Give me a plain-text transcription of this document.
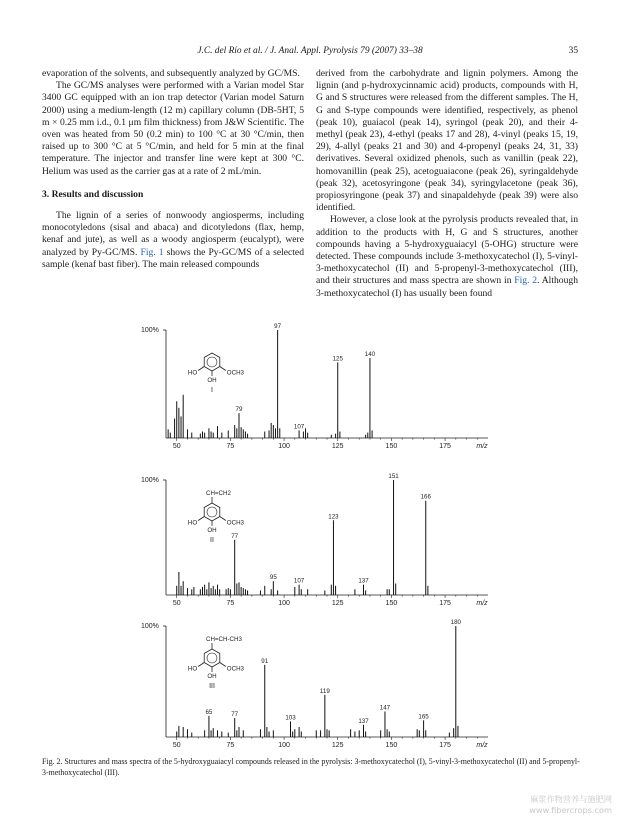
J.C. del Río et al. / J. Anal. Appl. Pyrolysis 79 (2007) 33–38	35

evaporation of the solvents, and subsequently analyzed by GC/MS.

The GC/MS analyses were performed with a Varian model Star 3400 GC equipped with an ion trap detector (Varian model Saturn 2000) using a medium-length (12 m) capillary column (DB-5HT, 5 m × 0.25 mm i.d., 0.1 μm film thickness) from J&W Scientific. The oven was heated from 50 (0.2 min) to 100 °C at 30 °C/min, then raised up to 300 °C at 5 °C/min, and held for 5 min at the final temperature. The injector and transfer line were kept at 300 °C. Helium was used as the carrier gas at a rate of 2 mL/min.

3. Results and discussion

The lignin of a series of nonwoody angiosperms, including monocotyledons (sisal and abaca) and dicotyledons (flax, hemp, kenaf and jute), as well as a woody angiosperm (eucalypt), were analyzed by Py-GC/MS. Fig. 1 shows the Py-GC/MS of a selected sample (kenaf bast fiber). The main released compounds

derived from the carbohydrate and lignin polymers. Among the lignin (and p-hydroxycinnamic acid) products, compounds with H, G and S structures were released from the different samples. The H, G and S-type compounds were identified, respectively, as phenol (peak 10), guaiacol (peak 14), syringol (peak 20), and their 4-methyl (peak 23), 4-ethyl (peaks 17 and 28), 4-vinyl (peaks 15, 19, 29), 4-allyl (peaks 21 and 30) and 4-propenyl (peaks 24, 31, 33) derivatives. Several oxidized phenols, such as vanillin (peak 22), homovanillin (peak 25), acetoguaiacone (peak 26), syringaldehyde (peak 32), acetosyringone (peak 34), syringylacetone (peak 36), propiosyringone (peak 37) and sinapaldehyde (peak 39) were also identified.

However, a close look at the pyrolysis products revealed that, in addition to the products with H, G and S structures, another compounds having a 5-hydroxyguaiacyl (5-OHG) structure were detected. These compounds include 3-methoxycatechol (I), 5-vinyl-3-methoxycatechol (II) and 5-propenyl-3-methoxycatechol (III), and their structures and mass spectra are shown in Fig. 2. Although 3-methoxycatechol (I) has usually been found

100%
50	75	100	125	150	175	m/z
79
97
107
125
140
OCH3
OH
HO
I
100%
50	75	100	125	150	175	m/z
77
95	107
123
137
151
166
OCH3
OH
HO
CH=CH2
II
100%
50	75	100	125	150	175	m/z
65	77
91
103
119
137
147
165
180
OCH3
OH
HO
CH=CH-CH3
III
Fig. 2. Structures and mass spectra of the 5-hydroxyguaiacyl compounds released in the pyrolysis: 3-methoxycatechol (I), 5-vinyl-3-methoxycatechol (II) and 5-propenyl-3-methoxycatechol (III).
麻浆作物营养与施肥网
www.fibercrops.com
